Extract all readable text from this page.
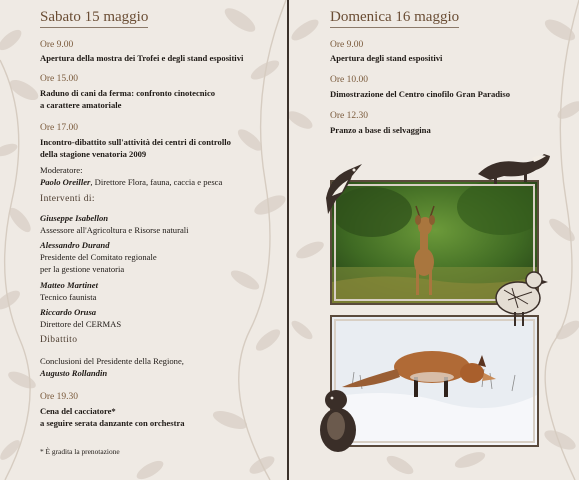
Sabato 15 maggio
Ore 9.00
Apertura della mostra dei Trofei e degli stand espositivi
Ore 15.00
Raduno di cani da ferma: confronto cinotecnico
a carattere amatoriale
Ore 17.00
Incontro-dibattito sull'attività dei centri di controllo
della stagione venatoria 2009
Moderatore:
Paolo Oreiller, Direttore Flora, fauna, caccia e pesca
Interventi di:
Giuseppe Isabellon
Assessore all'Agricoltura e Risorse naturali
Alessandro Durand
Presidente del Comitato regionale
per la gestione venatoria
Matteo Martinet
Tecnico faunista
Riccardo Orusa
Direttore del CERMAS
Dibattito
Conclusioni del Presidente della Regione,
Augusto Rollandin
Ore 19.30
Cena del cacciatore*
a seguire serata danzante con orchestra
* È gradita la prenotazione
Domenica 16 maggio
Ore 9.00
Apertura degli stand espositivi
Ore 10.00
Dimostrazione del Centro cinofilo Gran Paradiso
Ore 12.30
Pranzo a base di selvaggina
